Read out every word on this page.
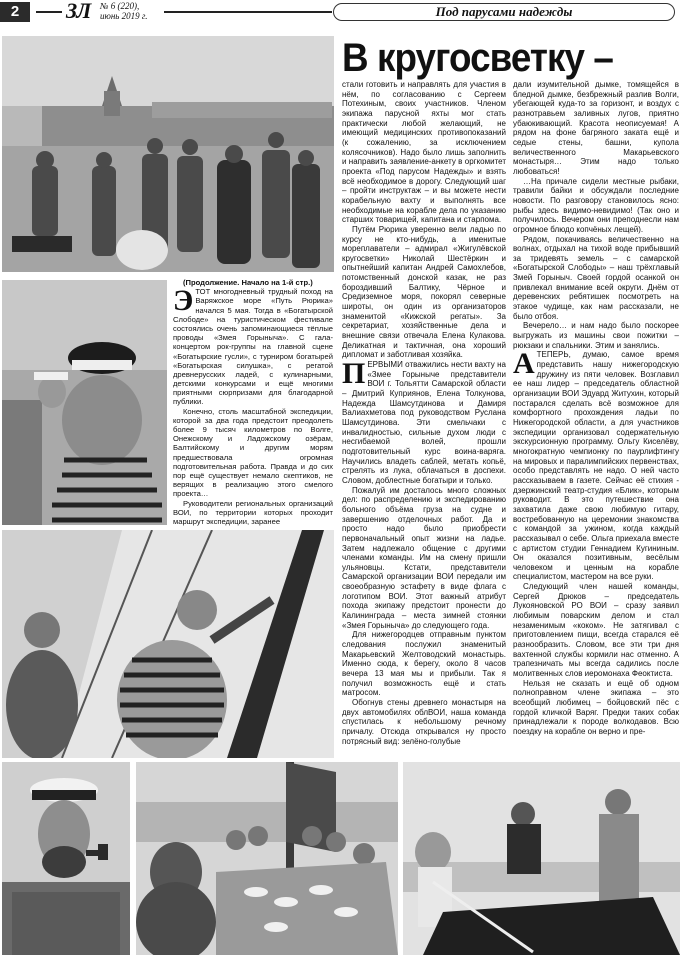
2	ЗЛ № 6 (220),
июнь 2019 г.	Под парусами надежды
В кругосветку –

(Продолжение. Начало на 1-й стр.)

ЭТОТ многодневный трудный поход на Варяжское море «Путь Рюрика» начался 5 мая. Тогда в «Богатырской Слободе» на туристическом фестивале состоялись очень запоминающиеся тёплые проводы «Змея Горыныча». С гала-концертом рок-группы на главной сцене «Богатырские гусли», с турниром богатырей «Богатырская силушка», с регатой древнерусских ладей, с кулинарными, детскими конкурсами и ещё многими приятными сюрпризами для благодарной публики.

Конечно, столь масштабной экспедиции, которой за два года предстоит преодолеть более 9 тысяч километров по Волге, Онежскому и Ладожскому озёрам, Балтийскому и другим морям предшествовала огромная подготовительная работа. Правда и до сих пор ещё существует немало скептиков, не верящих в реализацию этого смелого проекта…

Руководители региональных организаций ВОИ, по территории которых проходит маршрут экспедиции, заранее

стали готовить и направлять для участия в нём, по согласованию с Сергеем Потехиным, своих участников. Членом экипажа парусной яхты мог стать практически любой желающий, не имеющий медицинских противопоказаний (к сожалению, за исключением колясочников). Надо было лишь заполнить и направить заявление-анкету в оргкомитет проекта «Под парусом Надежды» и взять всё необходимое в дорогу. Следующий шаг – пройти инструктаж – и вы можете нести корабельную вахту и выполнять все необходимые на корабле дела по указанию старших товарищей, капитана и старпома.

Путём Рюрика уверенно вели ладью по курсу не кто-нибудь, а именитые мореплаватели – адмирал «Жигулёвской кругосветки» Николай Шестёркин и опытнейший капитан Андрей Самохлебов, потомственный донской казак, не раз бороздивший Балтику, Чёрное и Средиземное моря, покорял северные широты, он один из организаторов знаменитой «Кижской регаты». За секретариат, хозяйственные дела и внешние связи отвечала Елена Кулакова. Деликатная и тактичная, она хороший дипломат и заботливая хозяйка.

ПЕРВЫМИ отважились нести вахту на «Змее Горыныче представители ВОИ г. Тольятти Самарской области – Дмитрий Куприянов, Елена Толкунова, Надежда Шамсутдинова и Дамиря Валиахметова под руководством Руслана Шамсутдинова. Эти смельчаки с инвалидностью, сильные духом люди с несгибаемой волей, прошли подготовительный курс воина-варяга. Научились владеть саблей, метать копьё, стрелять из лука, облачаться в доспехи. Словом, доблестные богатыри и только.

Пожалуй им досталось много сложных дел: по распределению и экспедированию больного объёма груза на судне и завершению отделочных работ. Да и просто надо было приобрести первоначальный опыт жизни на ладье. Затем надлежало общение с другими членами команды. Им на смену пришли ульяновцы. Кстати, представители Самарской организации ВОИ передали им своеобразную эстафету в виде флага с логотипом ВОИ. Этот важный атрибут похода экипажу предстоит пронести до Калининграда – места зимней стоянки «Змея Горыныча» до следующего года.

Для нижегородцев отправным пунктом следования послужил знаменитый Макарьевский Желтоводский монастырь. Именно сюда, к берегу, около 8 часов вечера 13 мая мы и прибыли. Так я получил возможность ещё и стать матросом.

Обогнув стены древнего монастыря на двух автомобилях облВОИ, наша команда спустилась к небольшому речному причалу. Отсюда открывался ну просто потрясный вид: зелёно-голубые

дали изумительной дымке, томящейся в бледной дымке, безбрежный разлив Волги, убегающей куда-то за горизонт, и воздух с разнотравьем заливных лугов, приятно убаюкивающий. Красота неописуемая! А рядом на фоне багряного заката ещё и седые стены, башни, купола величественного Макарьевского монастыря… Этим надо только любоваться!

…На причале сидели местные рыбаки, травили байки и обсуждали последние новости. По разговору становилось ясно: рыбы здесь видимо-невидимо! (Так оно и получилось. Вечером они преподнесли нам огромное блюдо копчёных лещей).

Рядом, покачиваясь величественно на волнах, отдыхал на тихой воде прибывший за тридевять земель – с самарской «Богатырской Слободы» – наш трёхглавый Змей Горыныч. Своей гордой осанкой он привлекал внимание всей округи. Днём от деревенских ребятишек посмотреть на этакое чудище, как нам рассказали, не было отбоя.

Вечерело… и нам надо было поскорее выгружать из машины свои пожитки – рюкзаки и спальники. Этим и занялись.

АТЕПЕРЬ, думаю, самое время представить нашу нижегородскую дружину из пяти человек. Возглавил ее наш лидер – председатель областной организации ВОИ Эдуард Житухин, который постарался сделать всё возможное для комфортного прохождения ладьи по Нижегородской области, а для участников экспедиции организовал содержательную экскурсионную программу. Ольгу Киселёву, многократную чемпионку по паурлифтингу на мировых и паралимпийских первенствах, особо представлять не надо. О ней часто рассказываем в газете. Сейчас её стихия - дзержинский театр-студия «Блик», которым руководит. В это путешествие она захватила даже свою любимую гитару, востребованную на церемонии знакомства с командой за ужином, когда каждый рассказывал о себе. Ольга приехала вместе с артистом студии Геннадием Кугининым. Он оказался позитивным, весёлым человеком и ценным на корабле специалистом, мастером на все руки.

Следующий член нашей команды, Сергей Дрюков – председатель Лукояновской РО ВОИ – сразу заявил любимым поварским делом и стал незаменимым «коком». Не затягивал с приготовлением пищи, всегда старался её разнообразить. Словом, все эти три дня вахтенной службы кормили нас отменно. А трапезничать мы всегда садились после молитвенных слов иеромонаха Феоктиста.

Нельзя не сказать и ещё об одном полноправном члене экипажа – это всеобщий любимец – бойцовский пёс с гордой кличкой Варяг. Предки таких собак принадлежали к породе волкодавов. Всю поездку на корабле он верно и пре-
